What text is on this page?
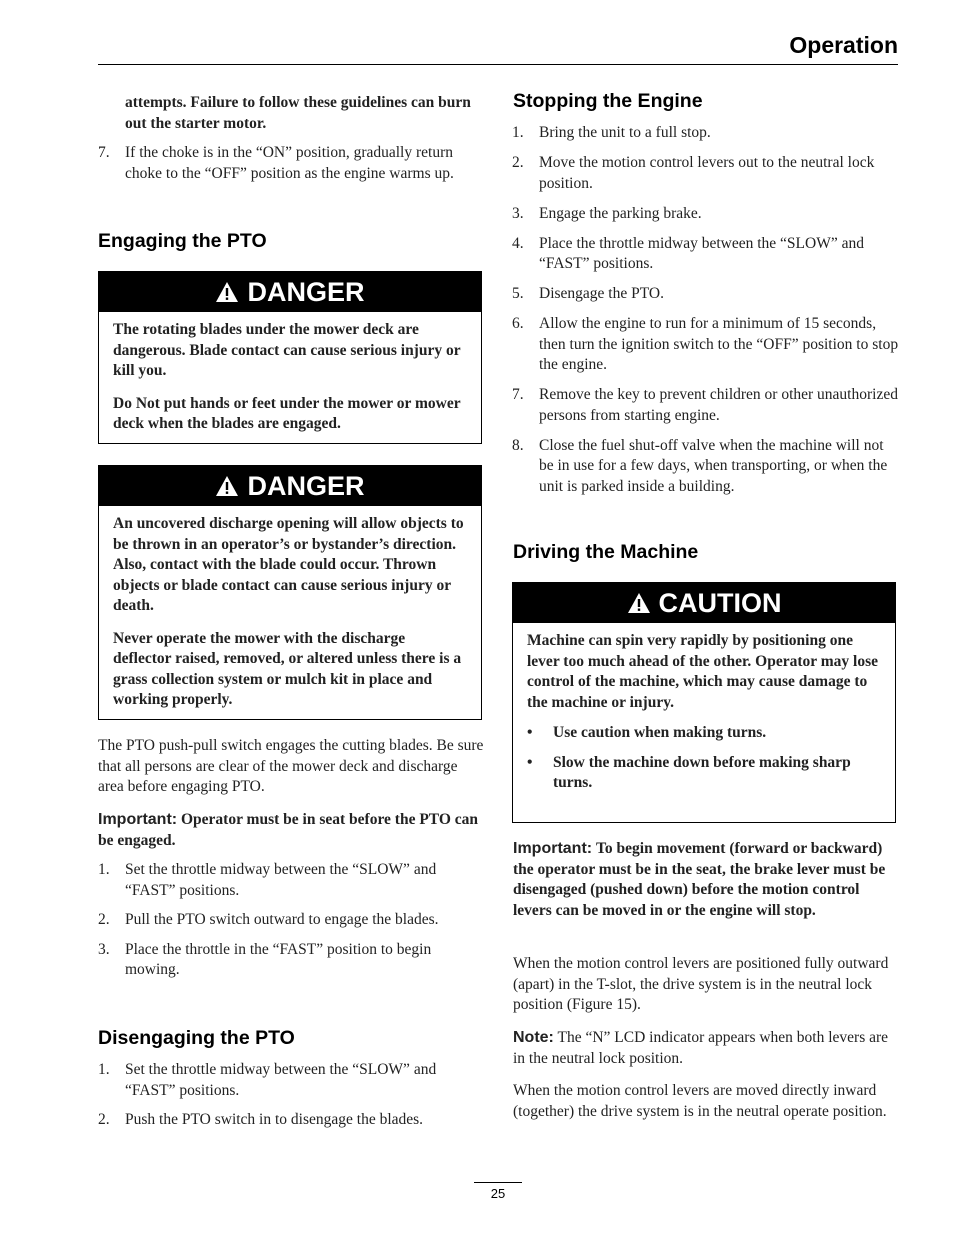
Operation

attempts. Failure to follow these guidelines can burn out the starter motor.

7. If the choke is in the “ON” position, gradually return choke to the “OFF” position as the engine warms up.
Engaging the PTO
DANGER

The rotating blades under the mower deck are dangerous. Blade contact can cause serious injury or kill you.

Do Not put hands or feet under the mower or mower deck when the blades are engaged.

DANGER

An uncovered discharge opening will allow objects to be thrown in an operator’s or bystander’s direction. Also, contact with the blade could occur. Thrown objects or blade contact can cause serious injury or death.

Never operate the mower with the discharge deflector raised, removed, or altered unless there is a grass collection system or mulch kit in place and working properly.

The PTO push-pull switch engages the cutting blades. Be sure that all persons are clear of the mower deck and discharge area before engaging PTO.

Important: Operator must be in seat before the PTO can be engaged.

1. Set the throttle midway between the “SLOW” and “FAST” positions.
2. Pull the PTO switch outward to engage the blades.
3. Place the throttle in the “FAST” position to begin mowing.
Disengaging the PTO
1. Set the throttle midway between the “SLOW” and “FAST” positions.
2. Push the PTO switch in to disengage the blades.
Stopping the Engine
1. Bring the unit to a full stop.
2. Move the motion control levers out to the neutral lock position.
3. Engage the parking brake.
4. Place the throttle midway between the “SLOW” and “FAST” positions.
5. Disengage the PTO.
6. Allow the engine to run for a minimum of 15 seconds, then turn the ignition switch to the “OFF” position to stop the engine.
7. Remove the key to prevent children or other unauthorized persons from starting engine.
8. Close the fuel shut-off valve when the machine will not be in use for a few days, when transporting, or when the unit is parked inside a building.
Driving the Machine
CAUTION

Machine can spin very rapidly by positioning one lever too much ahead of the other. Operator may lose control of the machine, which may cause damage to the machine or injury.

•	Use caution when making turns.
•	Slow the machine down before making sharp turns.

Important: To begin movement (forward or backward) the operator must be in the seat, the brake lever must be disengaged (pushed down) before the motion control levers can be moved in or the engine will stop.

When the motion control levers are positioned fully outward (apart) in the T-slot, the drive system is in the neutral lock position (Figure 15).

Note: The “N” LCD indicator appears when both levers are in the neutral lock position.

When the motion control levers are moved directly inward (together) the drive system is in the neutral operate position.

25
